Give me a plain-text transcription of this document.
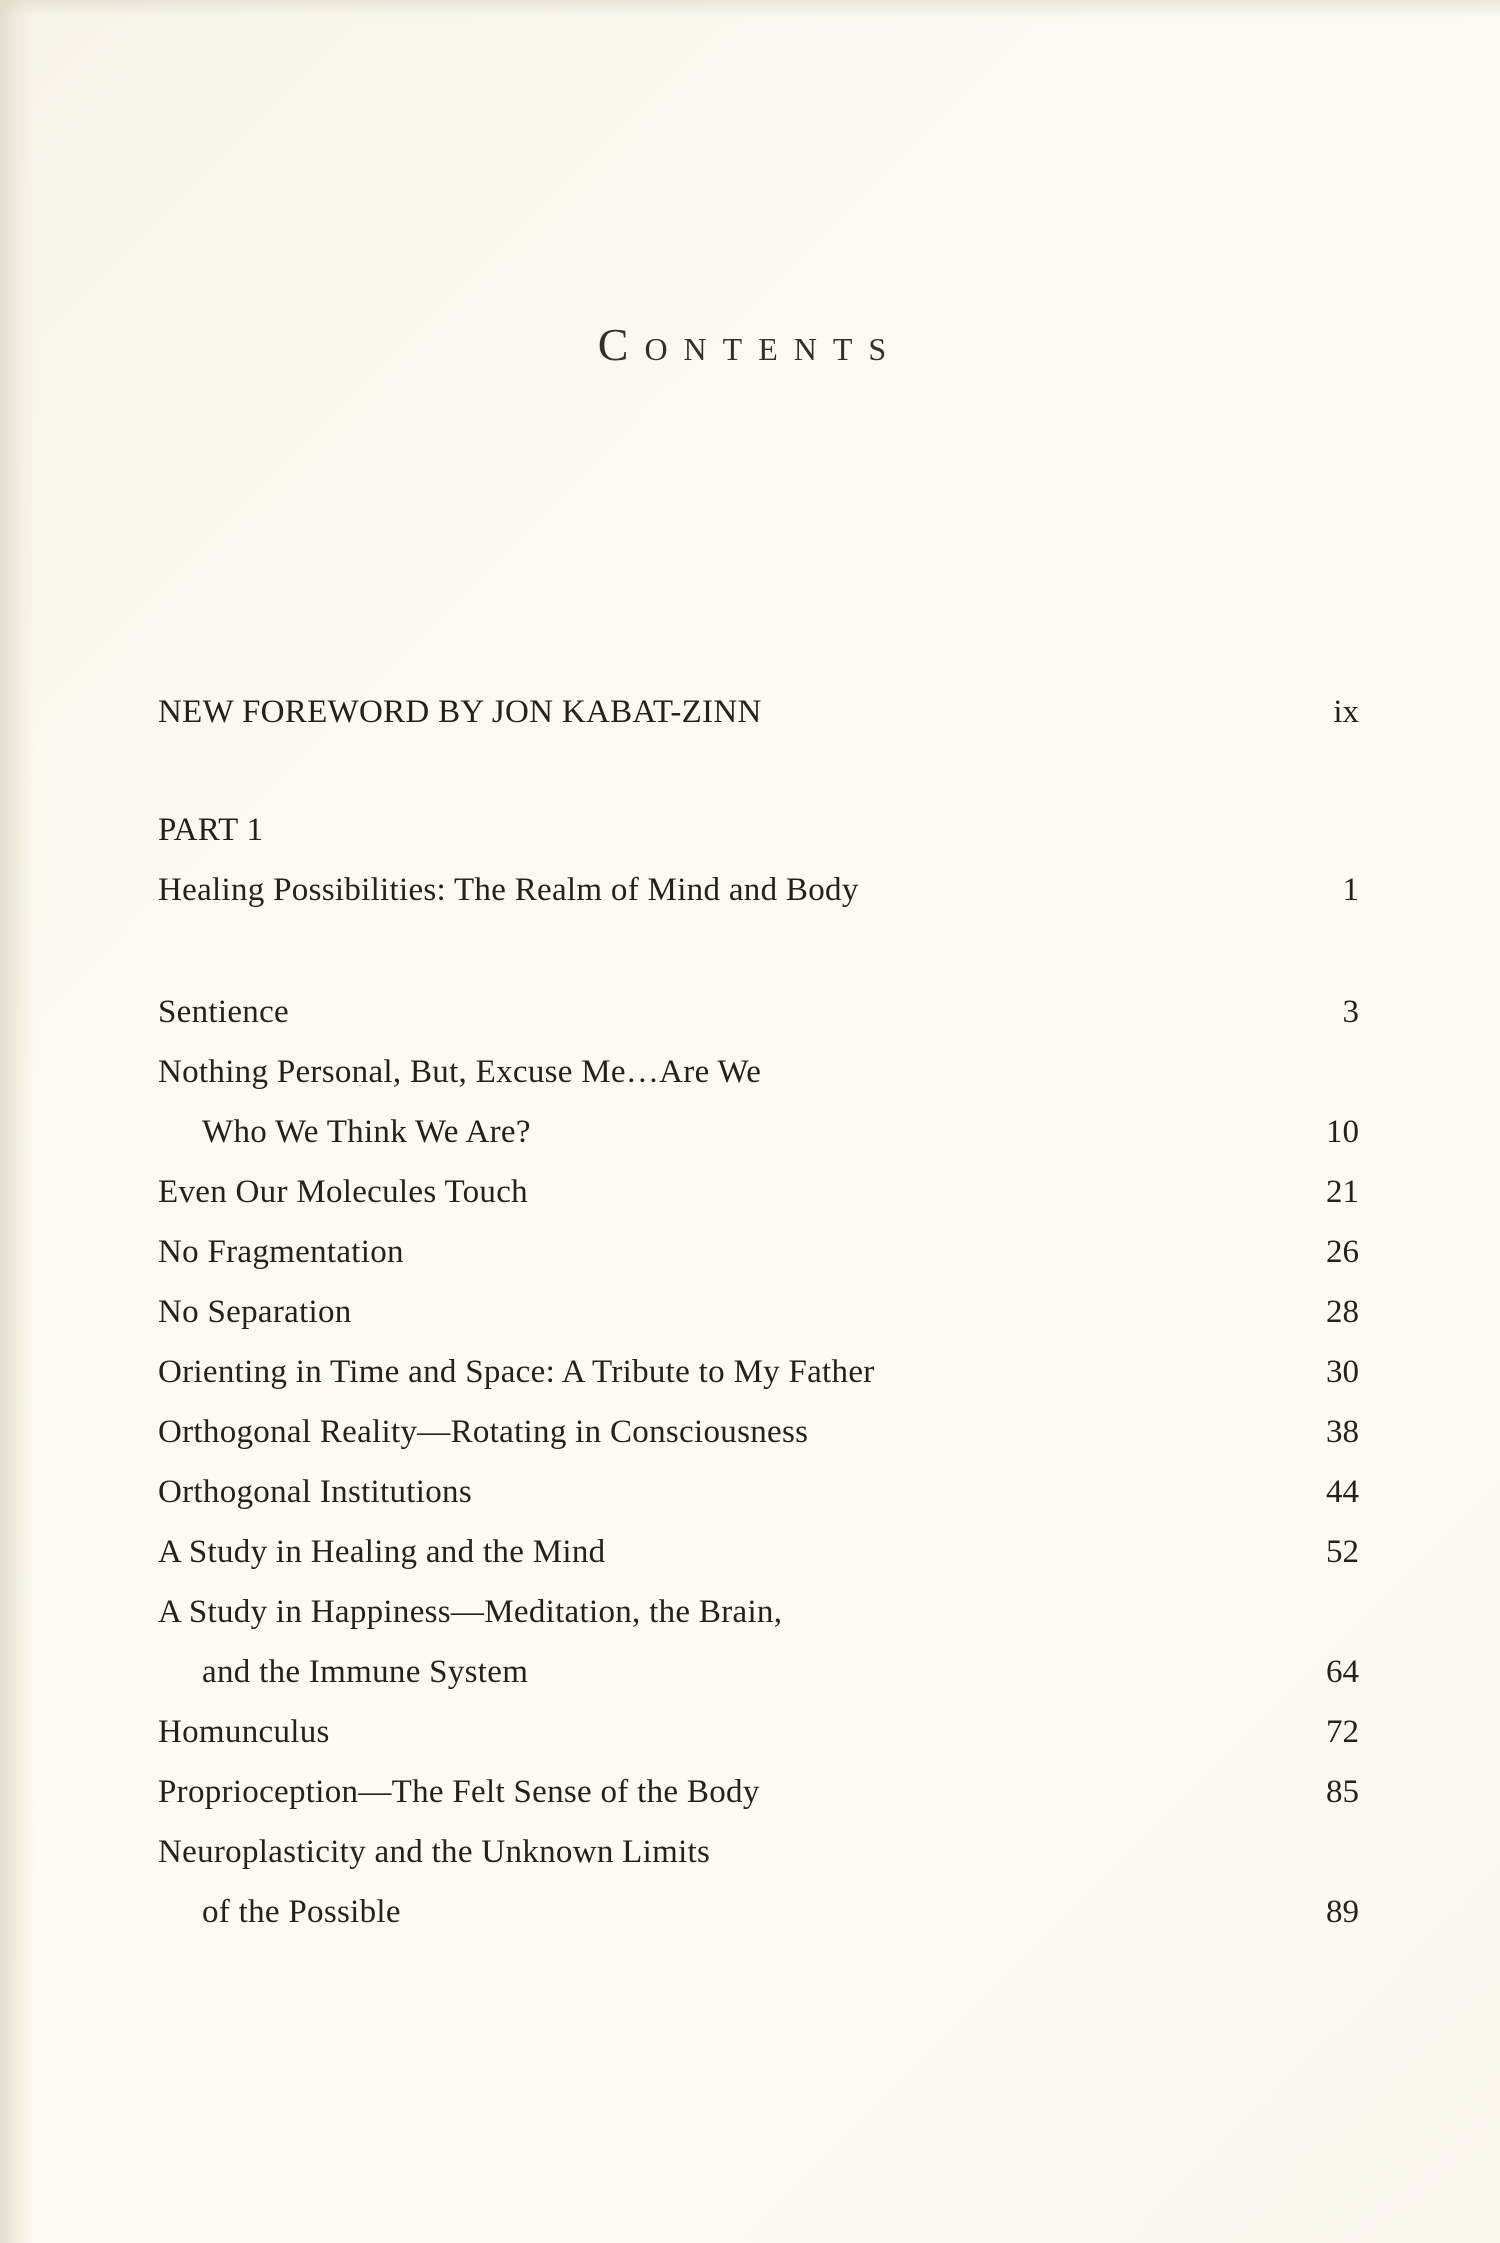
Contents
NEW FOREWORD BY JON KABAT-ZINN	ix
PART 1
Healing Possibilities: The Realm of Mind and Body	1
Sentience	3
Nothing Personal, But, Excuse Me…Are We
Who We Think We Are?	10
Even Our Molecules Touch	21
No Fragmentation	26
No Separation	28
Orienting in Time and Space: A Tribute to My Father	30
Orthogonal Reality—Rotating in Consciousness	38
Orthogonal Institutions	44
A Study in Healing and the Mind	52
A Study in Happiness—Meditation, the Brain,
and the Immune System	64
Homunculus	72
Proprioception—The Felt Sense of the Body	85
Neuroplasticity and the Unknown Limits
of the Possible	89
